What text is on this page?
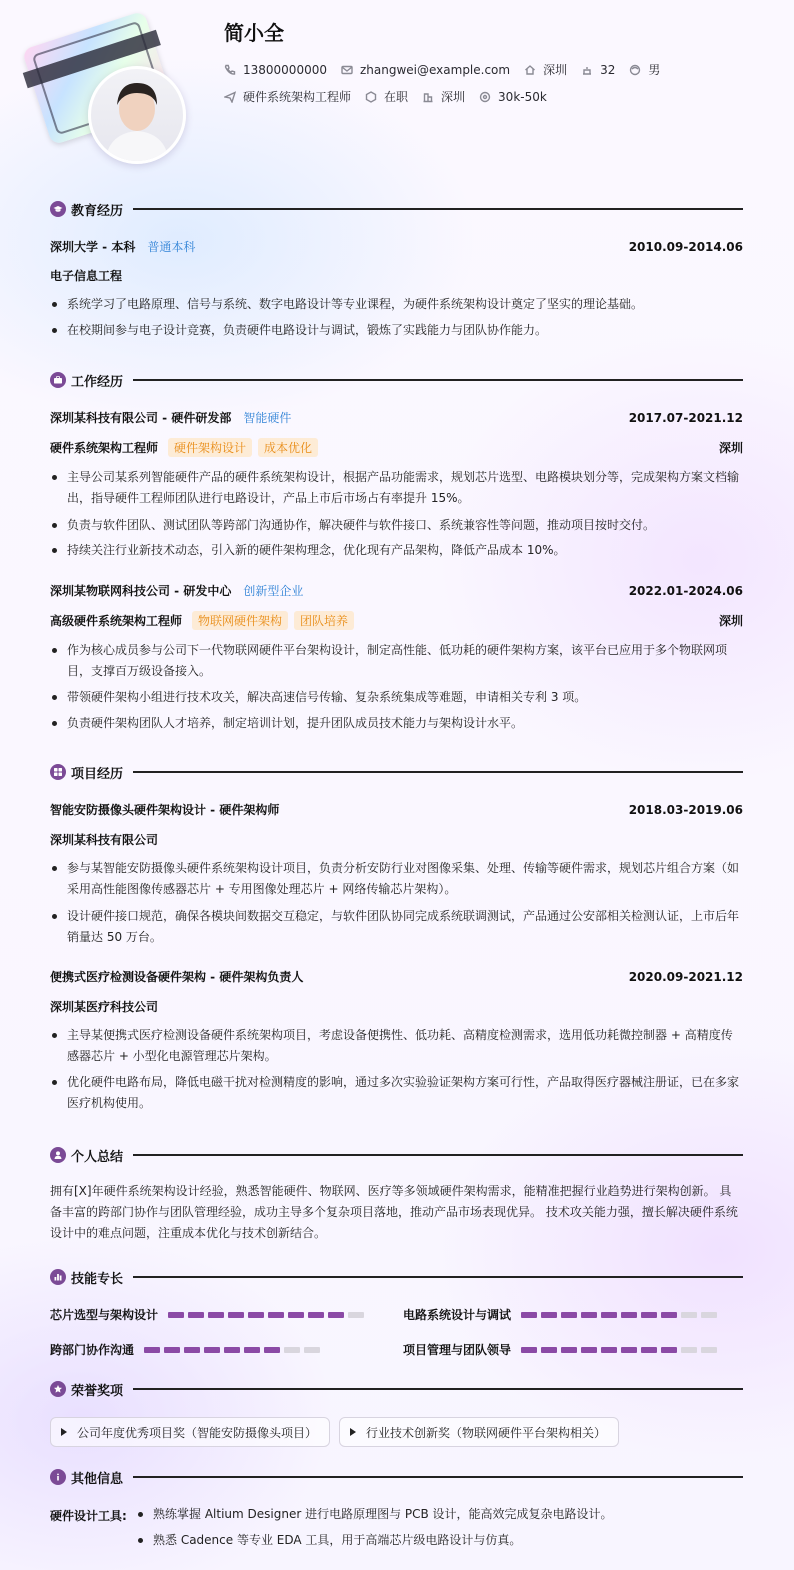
简小全
13800000000	zhangwei@example.com	深圳	32	男
硬件系统架构工程师	在职	深圳	30k-50k
教育经历
深圳大学 - 本科 普通本科	2010.09-2014.06
电子信息工程
系统学习了电路原理、信号与系统、数字电路设计等专业课程，为硬件系统架构设计奠定了坚实的理论基础。
在校期间参与电子设计竞赛，负责硬件电路设计与调试，锻炼了实践能力与团队协作能力。
工作经历
深圳某科技有限公司 - 硬件研发部 智能硬件	2017.07-2021.12
硬件系统架构工程师	硬件架构设计	成本优化	深圳
主导公司某系列智能硬件产品的硬件系统架构设计，根据产品功能需求，规划芯片选型、电路模块划分等，完成架构方案文档输出，指导硬件工程师团队进行电路设计，产品上市后市场占有率提升 15%。
负责与软件团队、测试团队等跨部门沟通协作，解决硬件与软件接口、系统兼容性等问题，推动项目按时交付。
持续关注行业新技术动态，引入新的硬件架构理念，优化现有产品架构，降低产品成本 10%。
深圳某物联网科技公司 - 研发中心 创新型企业	2022.01-2024.06
高级硬件系统架构工程师	物联网硬件架构	团队培养	深圳
作为核心成员参与公司下一代物联网硬件平台架构设计，制定高性能、低功耗的硬件架构方案，该平台已应用于多个物联网项目，支撑百万级设备接入。
带领硬件架构小组进行技术攻关，解决高速信号传输、复杂系统集成等难题，申请相关专利 3 项。
负责硬件架构团队人才培养，制定培训计划，提升团队成员技术能力与架构设计水平。
项目经历
智能安防摄像头硬件架构设计 - 硬件架构师	2018.03-2019.06
深圳某科技有限公司
参与某智能安防摄像头硬件系统架构设计项目，负责分析安防行业对图像采集、处理、传输等硬件需求，规划芯片组合方案（如采用高性能图像传感器芯片 + 专用图像处理芯片 + 网络传输芯片架构）。
设计硬件接口规范，确保各模块间数据交互稳定，与软件团队协同完成系统联调测试，产品通过公安部相关检测认证，上市后年销量达 50 万台。
便携式医疗检测设备硬件架构 - 硬件架构负责人	2020.09-2021.12
深圳某医疗科技公司
主导某便携式医疗检测设备硬件系统架构项目，考虑设备便携性、低功耗、高精度检测需求，选用低功耗微控制器 + 高精度传感器芯片 + 小型化电源管理芯片架构。
优化硬件电路布局，降低电磁干扰对检测精度的影响，通过多次实验验证架构方案可行性，产品取得医疗器械注册证，已在多家医疗机构使用。
个人总结
拥有[X]年硬件系统架构设计经验，熟悉智能硬件、物联网、医疗等多领域硬件架构需求，能精准把握行业趋势进行架构创新。 具备丰富的跨部门协作与团队管理经验，成功主导多个复杂项目落地，推动产品市场表现优异。 技术攻关能力强，擅长解决硬件系统设计中的难点问题，注重成本优化与技术创新结合。
技能专长
芯片选型与架构设计	电路系统设计与调试
跨部门协作沟通	项目管理与团队领导
荣誉奖项
公司年度优秀项目奖（智能安防摄像头项目）	行业技术创新奖（物联网硬件平台架构相关）
其他信息
硬件设计工具:	熟练掌握 Altium Designer 进行电路原理图与 PCB 设计，能高效完成复杂电路设计。
熟悉 Cadence 等专业 EDA 工具，用于高端芯片级电路设计与仿真。
